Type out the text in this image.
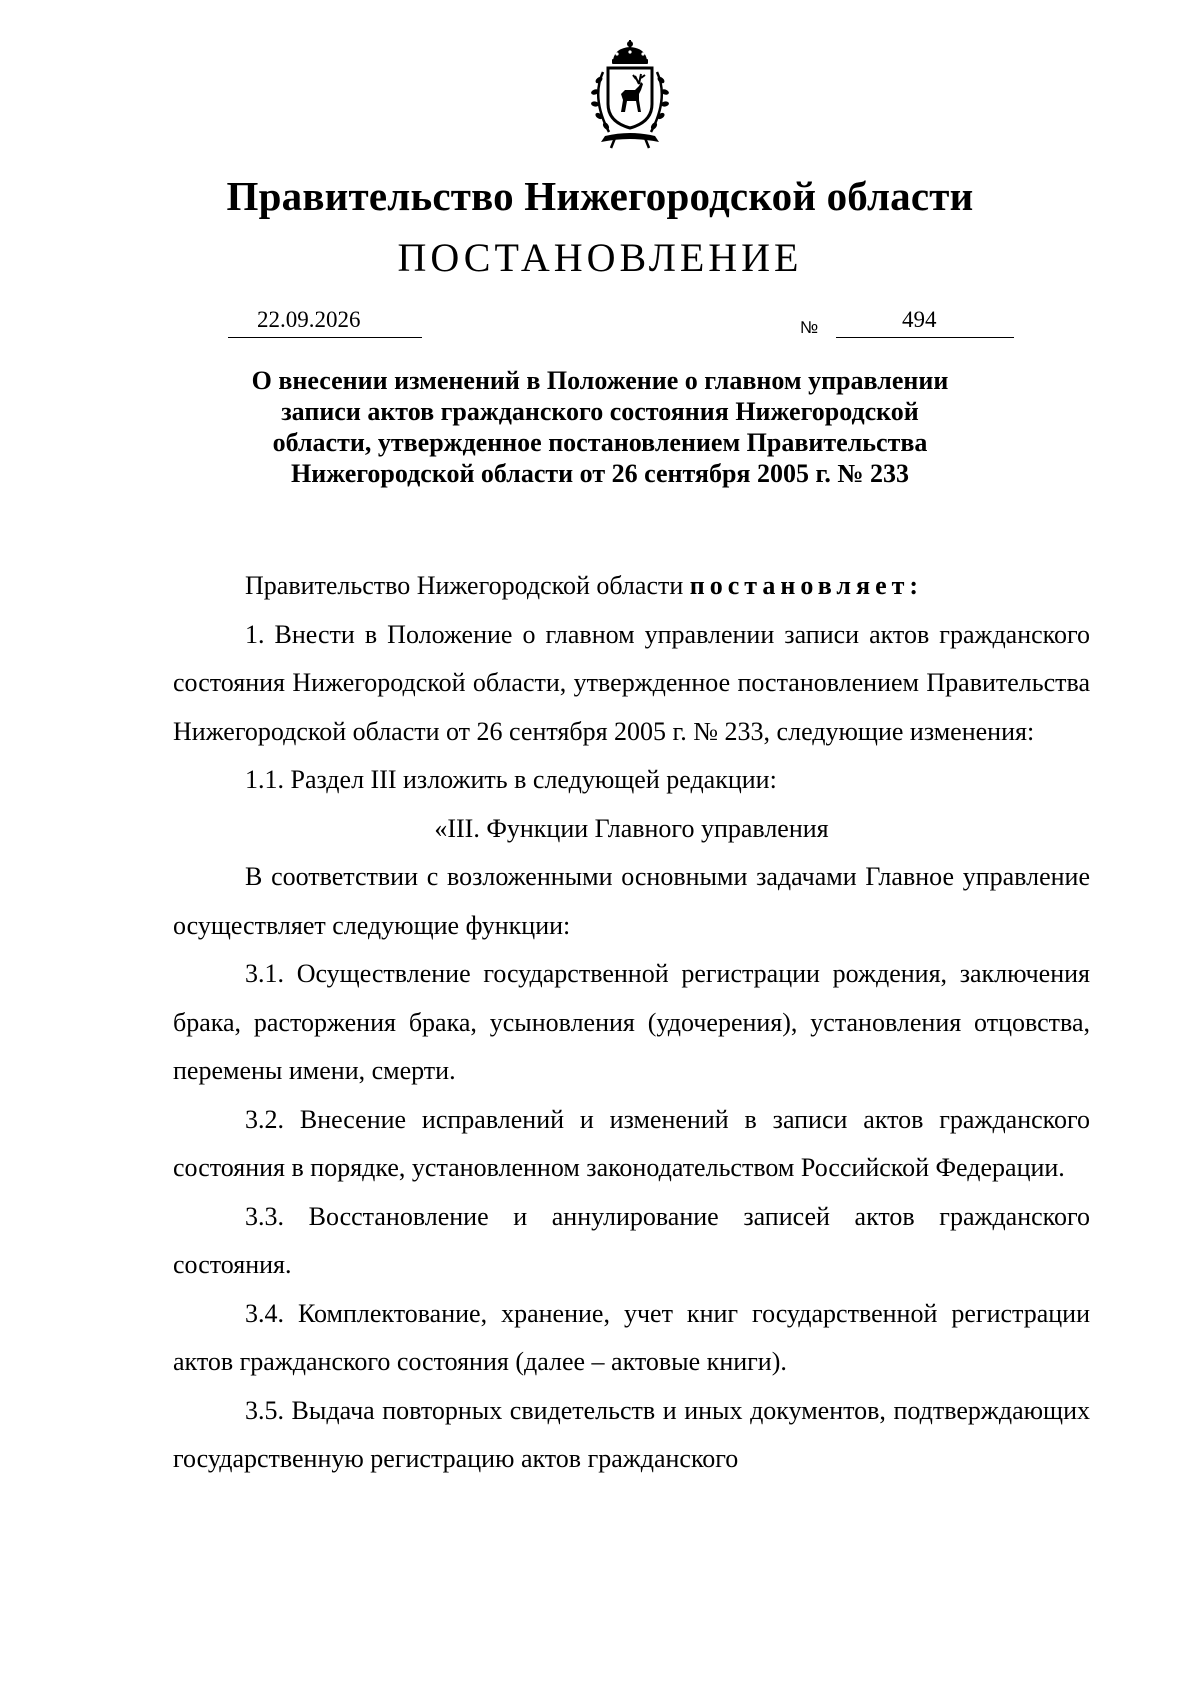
Правительство Нижегородской области
ПОСТАНОВЛЕНИЕ
22.09.2026	№	494
О внесении изменений в Положение о главном управлении
записи актов гражданского состояния Нижегородской
области, утвержденное постановлением Правительства
Нижегородской области от 26 сентября 2005 г. № 233

Правительство Нижегородской области постановляет:

1. Внести в Положение о главном управлении записи актов гражданского состояния Нижегородской области, утвержденное постановлением Правительства Нижегородской области от 26 сентября 2005 г. № 233, следующие изменения:

1.1. Раздел III изложить в следующей редакции:

«III. Функции Главного управления

В соответствии с возложенными основными задачами Главное управление осуществляет следующие функции:

3.1. Осуществление государственной регистрации рождения, заключения брака, расторжения брака, усыновления (удочерения), установления отцовства, перемены имени, смерти.

3.2. Внесение исправлений и изменений в записи актов гражданского состояния в порядке, установленном законодательством Российской Федерации.

3.3. Восстановление и аннулирование записей актов гражданского состояния.

3.4. Комплектование, хранение, учет книг государственной регистрации актов гражданского состояния (далее – актовые книги).

3.5. Выдача повторных свидетельств и иных документов, подтверждающих государственную регистрацию актов гражданского
